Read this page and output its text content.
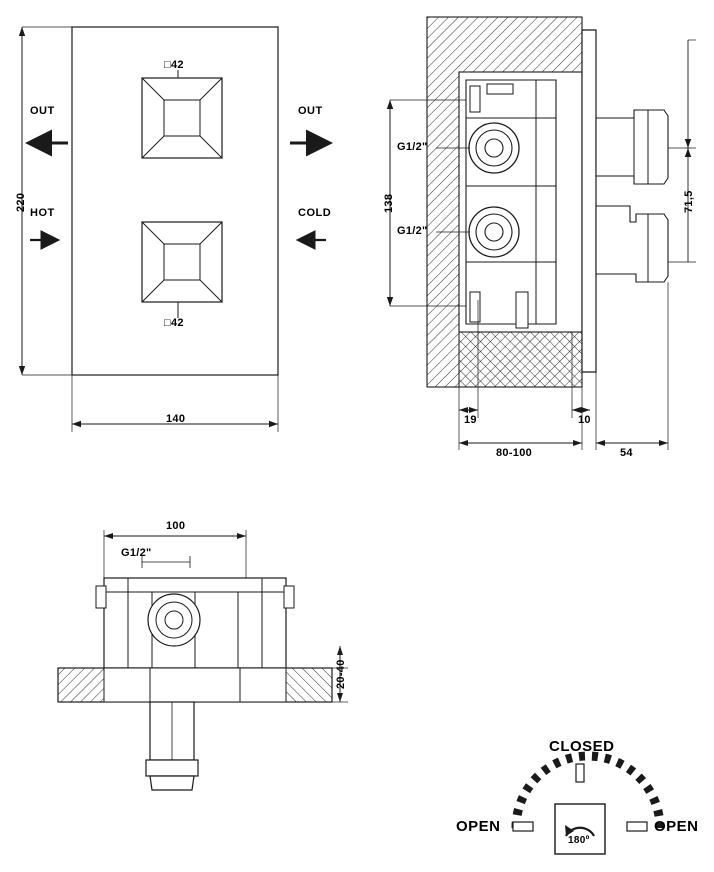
220
140
□42
□42
OUT
HOT
OUT
COLD	138
G1/2"
G1/2"
71,5
19	10
80-100	54
100
G1/2"
20-40
CLOSED
OPEN	OPEN
180º
